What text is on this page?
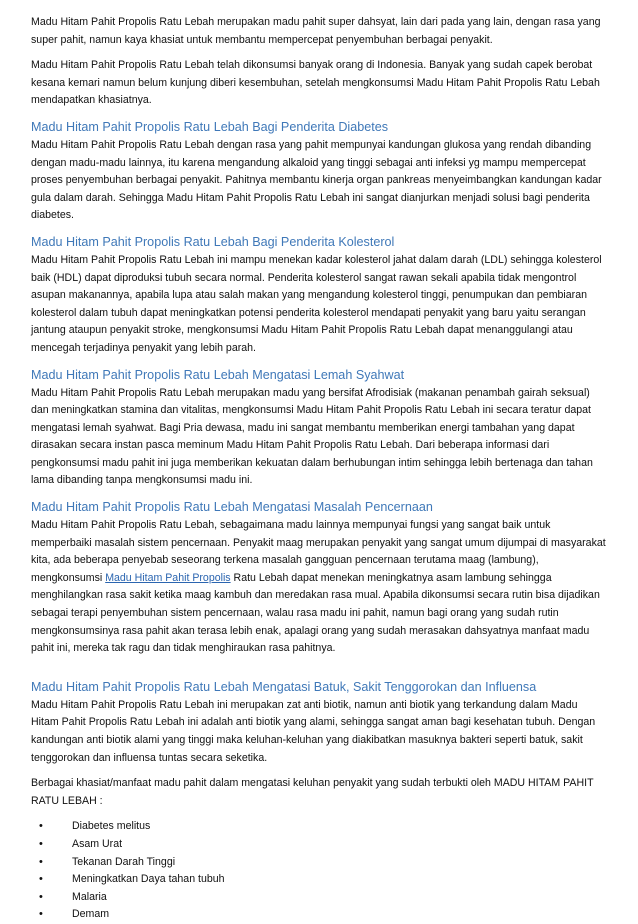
Madu Hitam Pahit Propolis Ratu Lebah merupakan madu pahit super dahsyat, lain dari pada yang lain, dengan rasa yang super pahit, namun kaya khasiat untuk membantu mempercepat penyembuhan berbagai penyakit.

Madu Hitam Pahit Propolis Ratu Lebah telah dikonsumsi banyak orang di Indonesia. Banyak yang sudah capek berobat kesana kemari namun belum kunjung diberi kesembuhan, setelah mengkonsumsi Madu Hitam Pahit Propolis Ratu Lebah mendapatkan khasiatnya.

Madu Hitam Pahit Propolis Ratu Lebah Bagi Penderita Diabetes

Madu Hitam Pahit Propolis Ratu Lebah dengan rasa yang pahit mempunyai kandungan glukosa yang rendah dibanding dengan madu-madu lainnya, itu karena mengandung alkaloid yang tinggi sebagai anti infeksi yg mampu mempercepat proses penyembuhan berbagai penyakit. Pahitnya membantu kinerja organ pankreas menyeimbangkan kandungan kadar gula dalam darah. Sehingga Madu Hitam Pahit Propolis Ratu Lebah ini sangat dianjurkan menjadi solusi bagi penderita diabetes.

Madu Hitam Pahit Propolis Ratu Lebah Bagi Penderita Kolesterol

Madu Hitam Pahit Propolis Ratu Lebah ini mampu menekan kadar kolesterol jahat dalam darah (LDL) sehingga kolesterol baik (HDL) dapat diproduksi tubuh secara normal. Penderita kolesterol sangat rawan sekali apabila tidak mengontrol asupan makanannya, apabila lupa atau salah makan yang mengandung kolesterol tinggi, penumpukan dan pembiaran kolesterol dalam tubuh dapat meningkatkan potensi penderita kolesterol mendapati penyakit yang baru yaitu serangan jantung ataupun penyakit stroke, mengkonsumsi Madu Hitam Pahit Propolis Ratu Lebah dapat menanggulangi atau mencegah terjadinya penyakit yang lebih parah.

Madu Hitam Pahit Propolis Ratu Lebah Mengatasi Lemah Syahwat

Madu Hitam Pahit Propolis Ratu Lebah merupakan madu yang bersifat Afrodisiak (makanan penambah gairah seksual) dan meningkatkan stamina dan vitalitas, mengkonsumsi Madu Hitam Pahit Propolis Ratu Lebah ini secara teratur dapat mengatasi lemah syahwat. Bagi Pria dewasa, madu ini sangat membantu memberikan energi tambahan yang dapat dirasakan secara instan pasca meminum Madu Hitam Pahit Propolis Ratu Lebah. Dari beberapa informasi dari pengkonsumsi madu pahit ini juga memberikan kekuatan dalam berhubungan intim sehingga lebih bertenaga dan tahan lama dibanding tanpa mengkonsumsi madu ini.

Madu Hitam Pahit Propolis Ratu Lebah Mengatasi Masalah Pencernaan

Madu Hitam Pahit Propolis Ratu Lebah, sebagaimana madu lainnya mempunyai fungsi yang sangat baik untuk memperbaiki masalah sistem pencernaan. Penyakit maag merupakan penyakit yang sangat umum dijumpai di masyarakat kita, ada beberapa penyebab seseorang terkena masalah gangguan pencernaan terutama maag (lambung), mengkonsumsi Madu Hitam Pahit Propolis Ratu Lebah dapat menekan meningkatnya asam lambung sehingga menghilangkan rasa sakit ketika maag kambuh dan meredakan rasa mual. Apabila dikonsumsi secara rutin bisa dijadikan sebagai terapi penyembuhan sistem pencernaan, walau rasa madu ini pahit, namun bagi orang yang sudah rutin mengkonsumsinya rasa pahit akan terasa lebih enak, apalagi orang yang sudah merasakan dahsyatnya manfaat madu pahit ini, mereka tak ragu dan tidak menghiraukan rasa pahitnya.

Madu Hitam Pahit Propolis Ratu Lebah Mengatasi Batuk, Sakit Tenggorokan dan Influensa

Madu Hitam Pahit Propolis Ratu Lebah ini merupakan zat anti biotik, namun anti biotik yang terkandung dalam Madu Hitam Pahit Propolis Ratu Lebah ini adalah anti biotik yang alami, sehingga sangat aman bagi kesehatan tubuh. Dengan kandungan anti biotik alami yang tinggi maka keluhan-keluhan yang diakibatkan masuknya bakteri seperti batuk, sakit tenggorokan dan influensa tuntas secara seketika.

Berbagai khasiat/manfaat madu pahit dalam mengatasi keluhan penyakit yang sudah terbukti oleh MADU HITAM PAHIT RATU LEBAH :

•	Diabetes melitus
•	Asam Urat
•	Tekanan Darah Tinggi
•	Meningkatkan Daya tahan tubuh
•	Malaria
•	Demam
